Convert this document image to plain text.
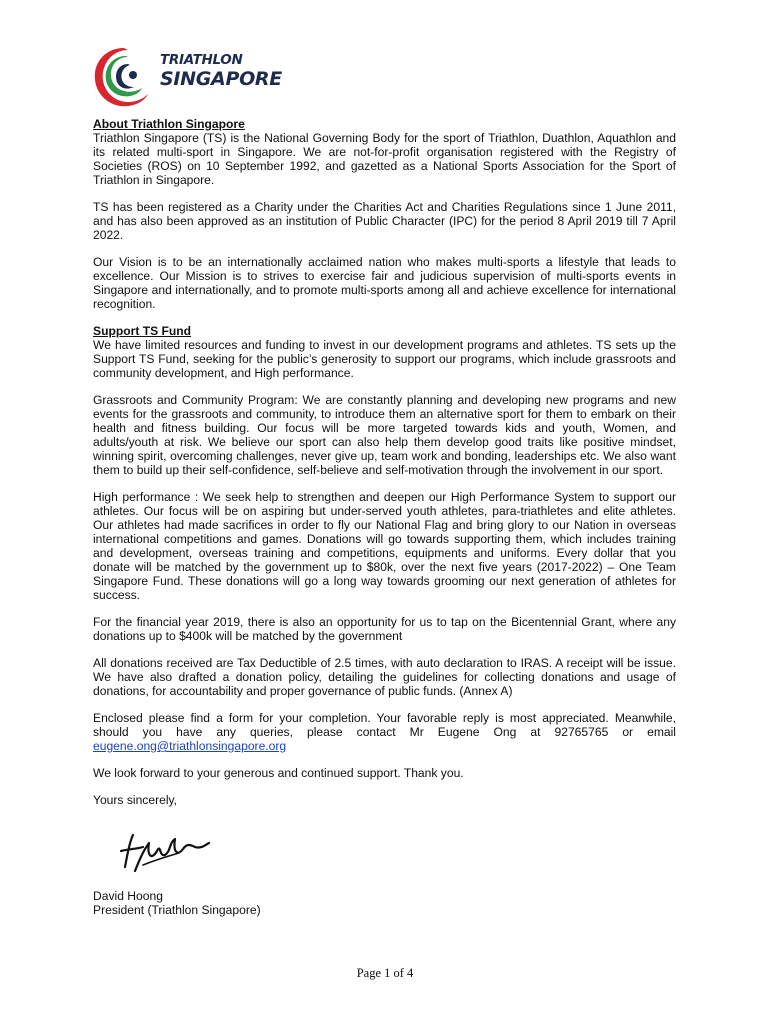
TRIATHLON
SINGAPORE
About Triathlon Singapore

Triathlon Singapore (TS) is the National Governing Body for the sport of Triathlon, Duathlon, Aquathlon and its related multi-sport in Singapore. We are not-for-profit organisation registered with the Registry of Societies (ROS) on 10 September 1992, and gazetted as a National Sports Association for the Sport of Triathlon in Singapore.

TS has been registered as a Charity under the Charities Act and Charities Regulations since 1 June 2011, and has also been approved as an institution of Public Character (IPC) for the period 8 April 2019 till 7 April 2022.

Our Vision is to be an internationally acclaimed nation who makes multi-sports a lifestyle that leads to excellence. Our Mission is to strives to exercise fair and judicious supervision of multi-sports events in Singapore and internationally, and to promote multi-sports among all and achieve excellence for international recognition.

Support TS Fund

We have limited resources and funding to invest in our development programs and athletes. TS sets up the Support TS Fund, seeking for the public’s generosity to support our programs, which include grassroots and community development, and High performance.

Grassroots and Community Program: We are constantly planning and developing new programs and new events for the grassroots and community, to introduce them an alternative sport for them to embark on their health and fitness building. Our focus will be more targeted towards kids and youth, Women, and adults/youth at risk. We believe our sport can also help them develop good traits like positive mindset, winning spirit, overcoming challenges, never give up, team work and bonding, leaderships etc. We also want them to build up their self-confidence, self-believe and self-motivation through the involvement in our sport.

High performance : We seek help to strengthen and deepen our High Performance System to support our athletes. Our focus will be on aspiring but under-served youth athletes, para-triathletes and elite athletes. Our athletes had made sacrifices in order to fly our National Flag and bring glory to our Nation in overseas international competitions and games. Donations will go towards supporting them, which includes training and development, overseas training and competitions, equipments and uniforms. Every dollar that you donate will be matched by the government up to $80k, over the next five years (2017-2022) – One Team Singapore Fund. These donations will go a long way towards grooming our next generation of athletes for success.

For the financial year 2019, there is also an opportunity for us to tap on the Bicentennial Grant, where any donations up to $400k will be matched by the government

All donations received are Tax Deductible of 2.5 times, with auto declaration to IRAS. A receipt will be issue. We have also drafted a donation policy, detailing the guidelines for collecting donations and usage of donations, for accountability and proper governance of public funds. (Annex A)

Enclosed please find a form for your completion. Your favorable reply is most appreciated. Meanwhile, should you have any queries, please contact Mr Eugene Ong at 92765765 or email eugene.ong@triathlonsingapore.org

We look forward to your generous and continued support. Thank you.

Yours sincerely,

David Hoong

President (Triathlon Singapore)

Page 1 of 4
